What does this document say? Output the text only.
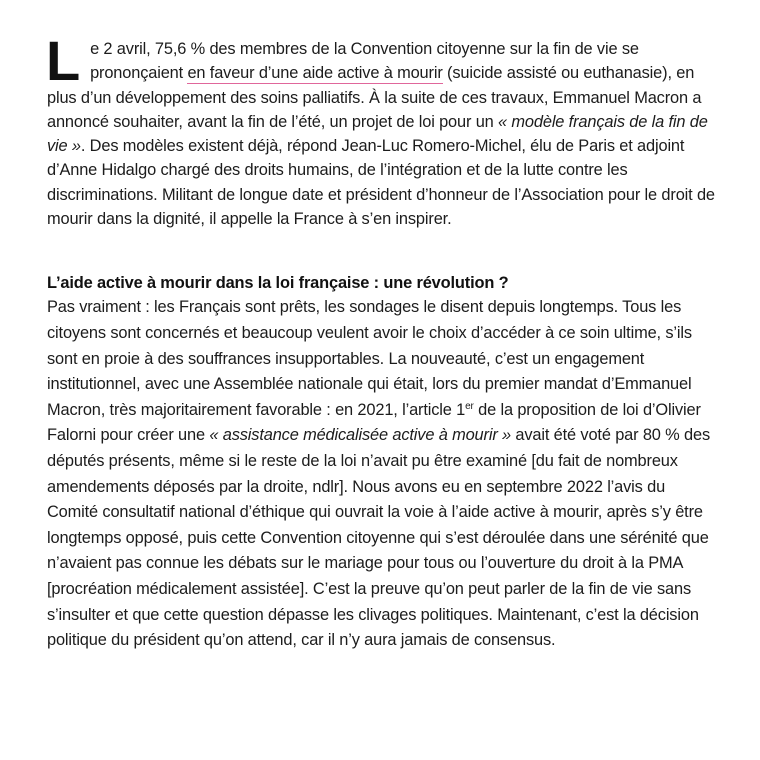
Le 2 avril, 75,6 % des membres de la Convention citoyenne sur la fin de vie se prononçaient en faveur d’une aide active à mourir (suicide assisté ou euthanasie), en plus d’un développement des soins palliatifs. À la suite de ces travaux, Emmanuel Macron a annoncé souhaiter, avant la fin de l’été, un projet de loi pour un « modèle français de la fin de vie ». Des modèles existent déjà, répond Jean-Luc Romero-Michel, élu de Paris et adjoint d’Anne Hidalgo chargé des droits humains, de l’intégration et de la lutte contre les discriminations. Militant de longue date et président d’honneur de l’Association pour le droit de mourir dans la dignité, il appelle la France à s’en inspirer.

L’aide active à mourir dans la loi française : une révolution ?

Pas vraiment : les Français sont prêts, les sondages le disent depuis longtemps. Tous les citoyens sont concernés et beaucoup veulent avoir le choix d’accéder à ce soin ultime, s’ils sont en proie à des souffrances insupportables. La nouveauté, c’est un engagement institutionnel, avec une Assemblée nationale qui était, lors du premier mandat d’Emmanuel Macron, très majoritairement favorable : en 2021, l’article 1er de la proposition de loi d’Olivier Falorni pour créer une « assistance médicalisée active à mourir » avait été voté par 80 % des députés présents, même si le reste de la loi n’avait pu être examiné [du fait de nombreux amendements déposés par la droite, ndlr]. Nous avons eu en septembre 2022 l’avis du Comité consultatif national d’éthique qui ouvrait la voie à l’aide active à mourir, après s’y être longtemps opposé, puis cette Convention citoyenne qui s’est déroulée dans une sérénité que n’avaient pas connue les débats sur le mariage pour tous ou l’ouverture du droit à la PMA [procréation médicalement assistée]. C’est la preuve qu’on peut parler de la fin de vie sans s’insulter et que cette question dépasse les clivages politiques. Maintenant, c’est la décision politique du président qu’on attend, car il n’y aura jamais de consensus.
